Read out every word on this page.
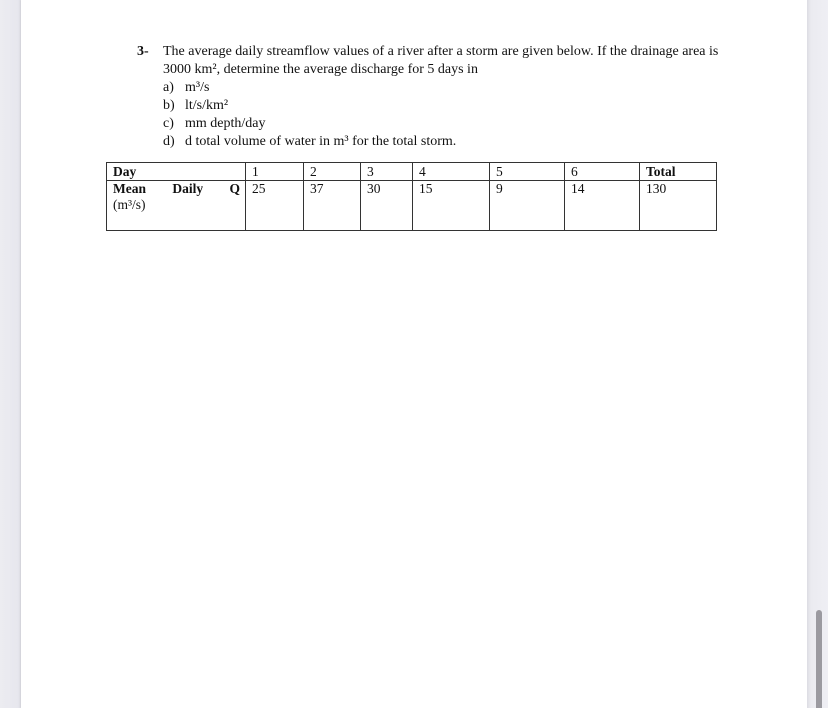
3- The average daily streamflow values of a river after a storm are given below. If the drainage area is 3000 km², determine the average discharge for 5 days in
a) m³/s
b) lt/s/km²
c) mm depth/day
d) d total volume of water in m³ for the total storm.
Day	1	2	3	4	5	6	Total

Mean Daily Q
(m³/s)	25	37	30	15	9	14	130
